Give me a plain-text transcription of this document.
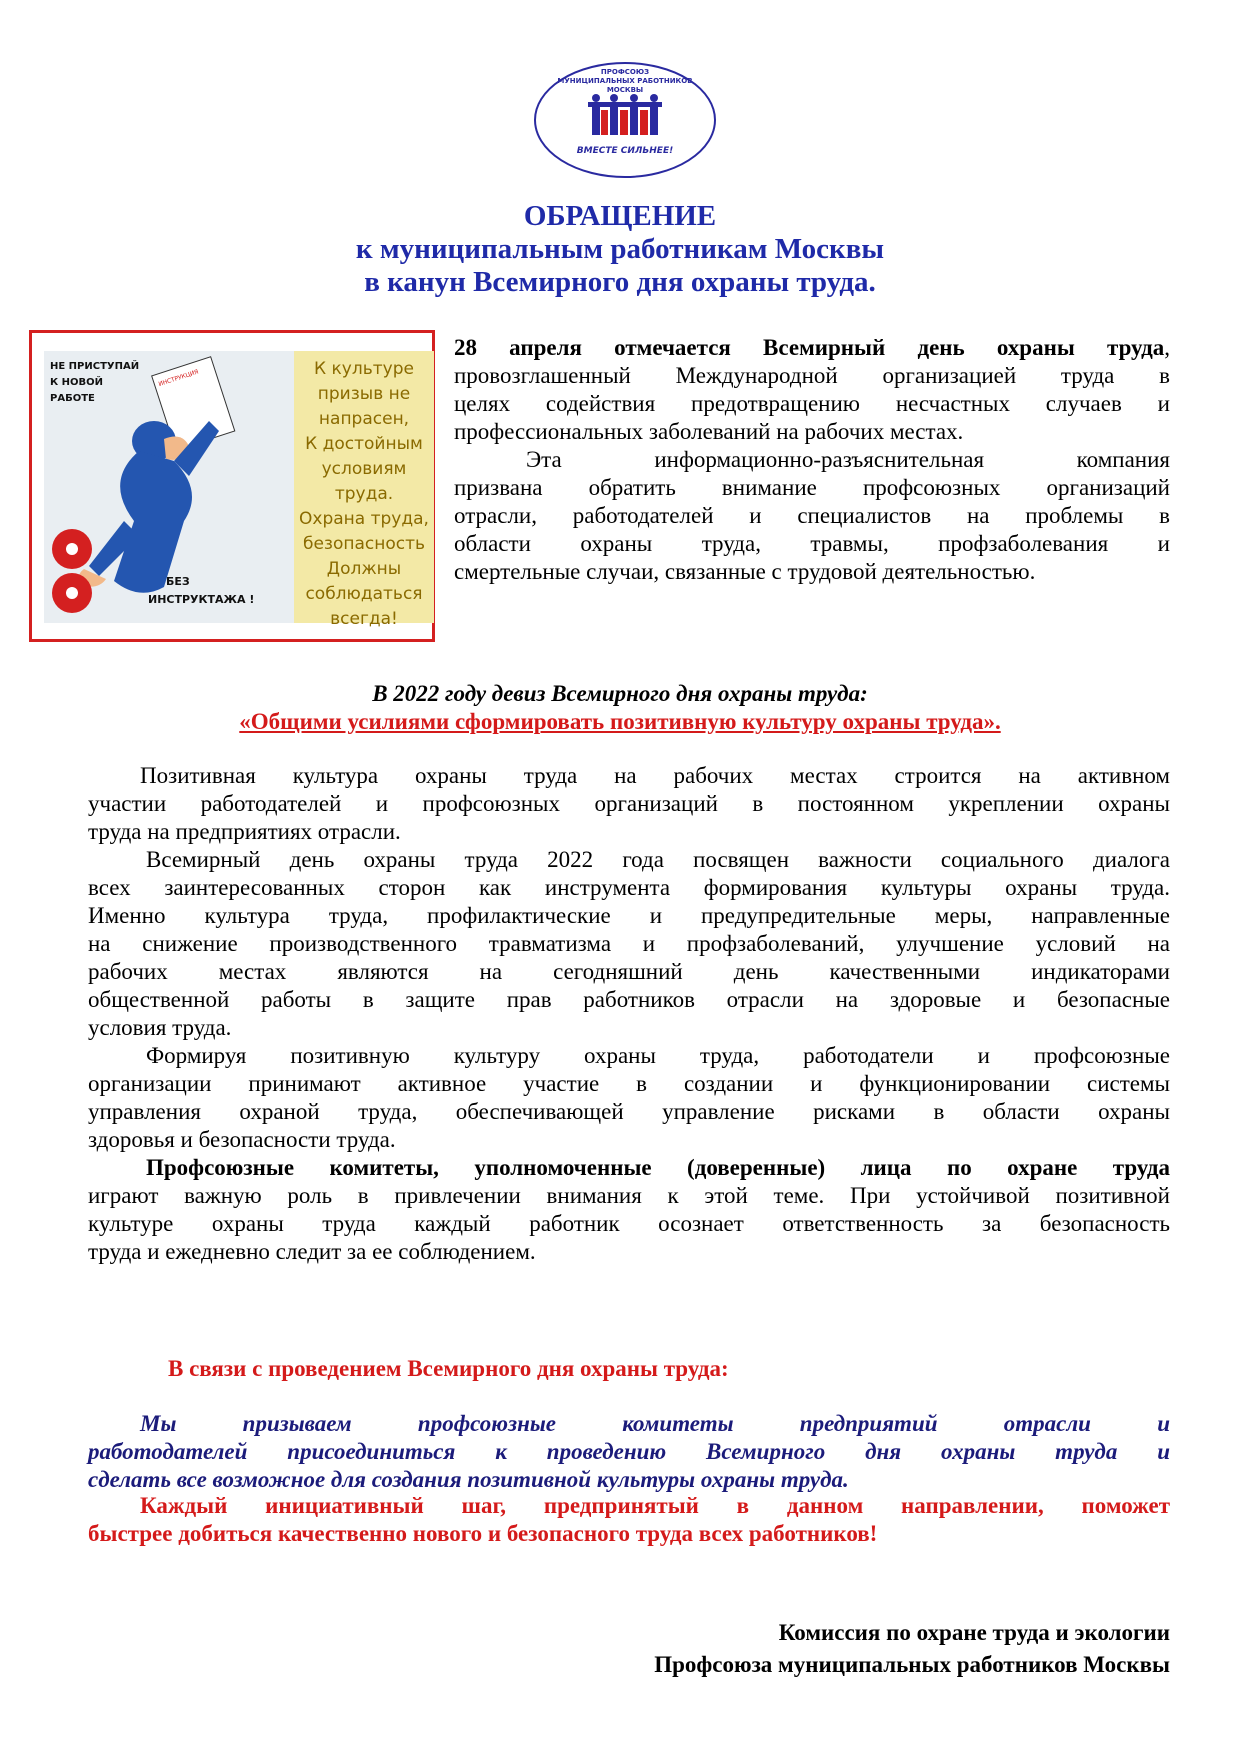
ПРОФСОЮЗ
МУНИЦИПАЛЬНЫХ РАБОТНИКОВ
МОСКВЫ
ВМЕСТЕ СИЛЬНЕЕ!
ОБРАЩЕНИЕ
к муниципальным работникам Москвы
в канун Всемирного дня охраны труда.
НЕ ПРИСТУПАЙ
К НОВОЙ
РАБОТЕ
ИНСТРУКЦИЯ
БЕЗ
ИНСТРУКТАЖА !
К культуре
призыв не
напрасен,
К достойным
условиям
труда.
Охрана труда,
безопасность
Должны
соблюдаться
всегда!
28 апреля отмечается Всемирный день охраны труда,
провозглашенный Международной организацией труда в
целях содействия предотвращению несчастных случаев и
профессиональных заболеваний на рабочих местах.
Эта информационно-разъяснительная компания
призвана обратить внимание профсоюзных организаций
отрасли, работодателей и специалистов на проблемы в
области охраны труда, травмы, профзаболевания и
смертельные случаи, связанные с трудовой деятельностью.
В 2022 году девиз Всемирного дня охраны труда:
«Общими усилиями сформировать позитивную культуру охраны труда».
Позитивная культура охраны труда на рабочих местах строится на активном
участии работодателей и профсоюзных организаций в постоянном укреплении охраны
труда на предприятиях отрасли.
Всемирный день охраны труда 2022 года посвящен важности социального диалога
всех заинтересованных сторон как инструмента формирования культуры охраны труда.
Именно культура труда, профилактические и предупредительные меры, направленные
на снижение производственного травматизма и профзаболеваний, улучшение условий на
рабочих местах являются на сегодняшний день качественными индикаторами
общественной работы в защите прав работников отрасли на здоровые и безопасные
условия труда.
Формируя позитивную культуру охраны труда, работодатели и профсоюзные
организации принимают активное участие в создании и функционировании системы
управления охраной труда, обеспечивающей управление рисками в области охраны
здоровья и безопасности труда.
Профсоюзные комитеты, уполномоченные (доверенные) лица по охране труда
играют важную роль в привлечении внимания к этой теме. При устойчивой позитивной
культуре охраны труда каждый работник осознает ответственность за безопасность
труда и ежедневно следит за ее соблюдением.
В связи с проведением Всемирного дня охраны труда:
Мы призываем профсоюзные комитеты предприятий отрасли и
работодателей присоединиться к проведению Всемирного дня охраны труда и
сделать все возможное для создания позитивной культуры охраны труда.
Каждый инициативный шаг, предпринятый в данном направлении, поможет
быстрее добиться качественно нового и безопасного труда всех работников!
Комиссия по охране труда и экологии
Профсоюза муниципальных работников Москвы
